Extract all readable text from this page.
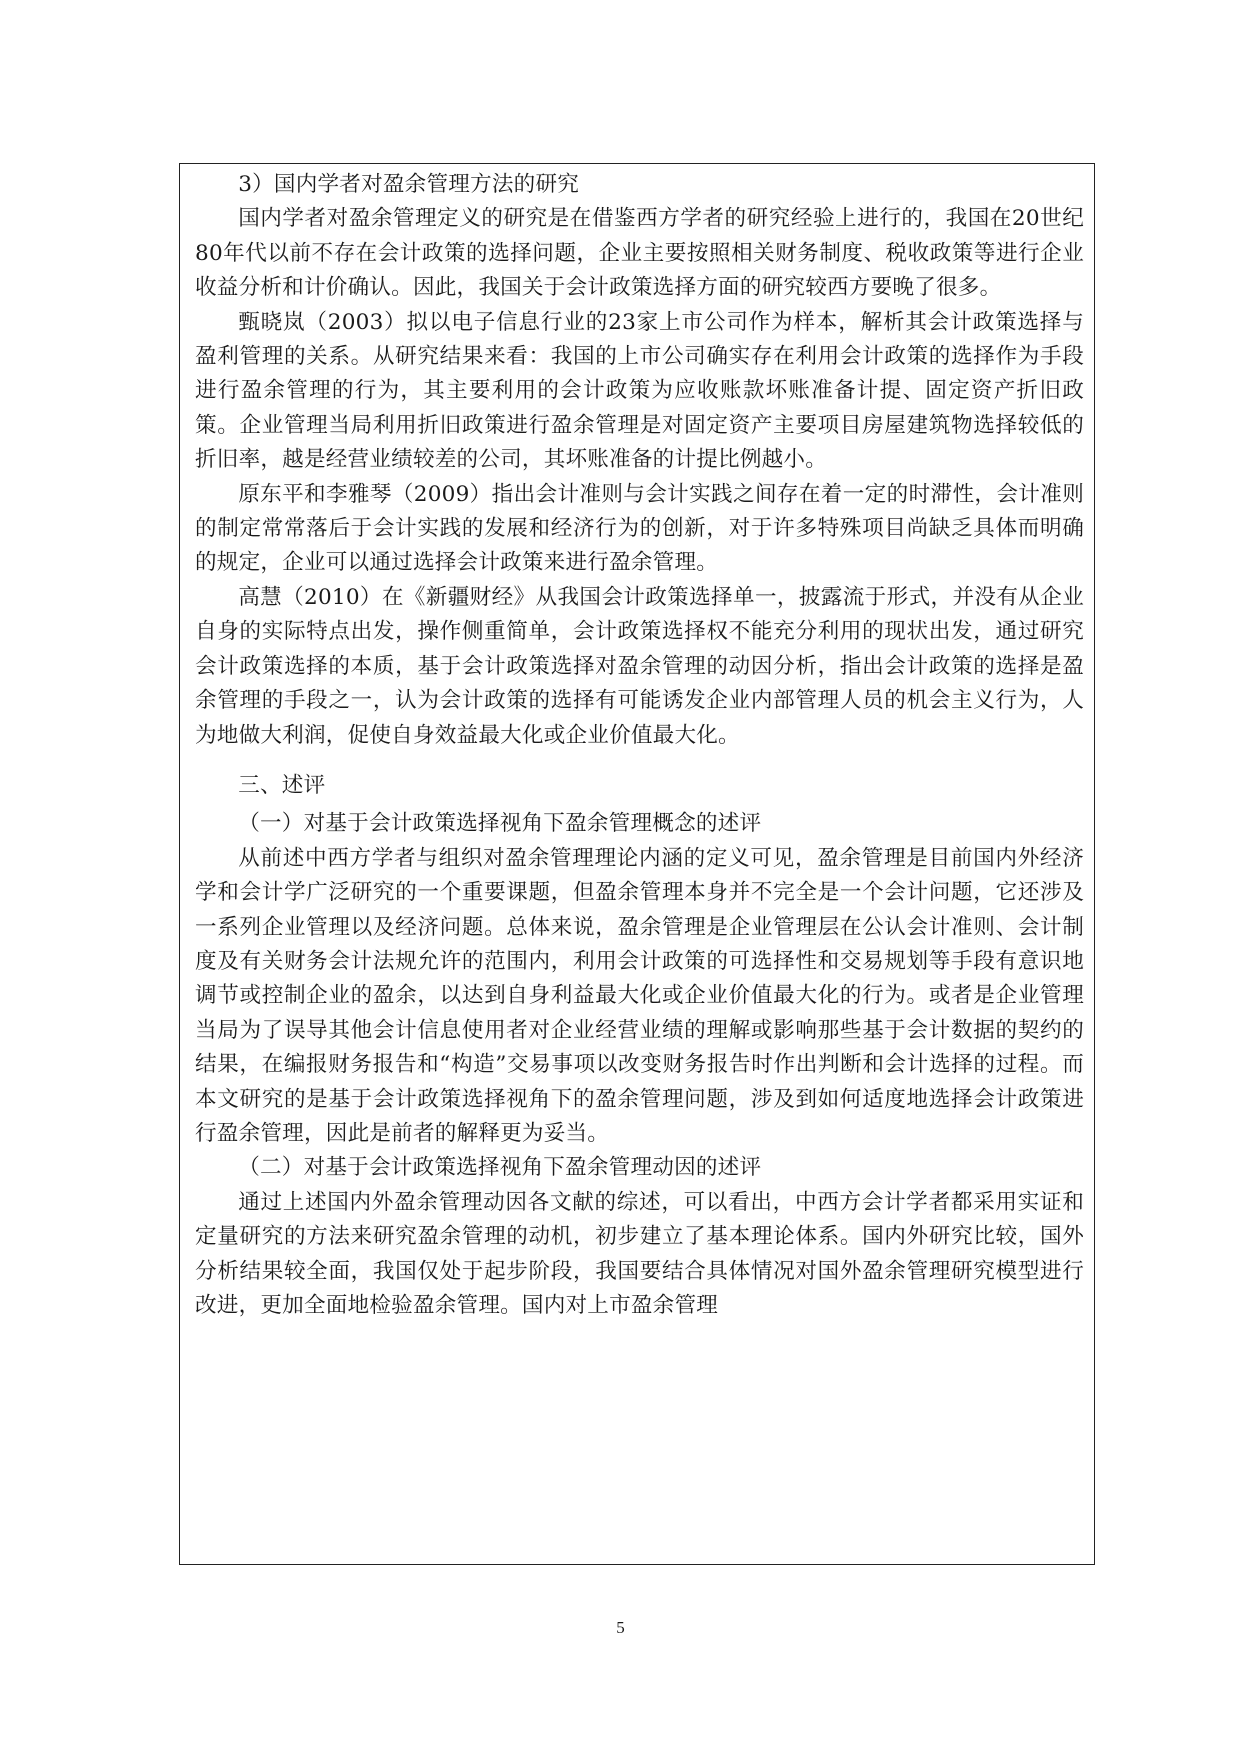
3）国内学者对盈余管理方法的研究

国内学者对盈余管理定义的研究是在借鉴西方学者的研究经验上进行的，我国在20世纪80年代以前不存在会计政策的选择问题，企业主要按照相关财务制度、税收政策等进行企业收益分析和计价确认。因此，我国关于会计政策选择方面的研究较西方要晚了很多。

甄晓岚（2003）拟以电子信息行业的23家上市公司作为样本，解析其会计政策选择与盈利管理的关系。从研究结果来看：我国的上市公司确实存在利用会计政策的选择作为手段进行盈余管理的行为，其主要利用的会计政策为应收账款坏账准备计提、固定资产折旧政策。企业管理当局利用折旧政策进行盈余管理是对固定资产主要项目房屋建筑物选择较低的折旧率，越是经营业绩较差的公司，其坏账准备的计提比例越小。

原东平和李雅琴（2009）指出会计准则与会计实践之间存在着一定的时滞性，会计准则的制定常常落后于会计实践的发展和经济行为的创新，对于许多特殊项目尚缺乏具体而明确的规定，企业可以通过选择会计政策来进行盈余管理。

高慧（2010）在《新疆财经》从我国会计政策选择单一，披露流于形式，并没有从企业自身的实际特点出发，操作侧重简单，会计政策选择权不能充分利用的现状出发，通过研究会计政策选择的本质，基于会计政策选择对盈余管理的动因分析，指出会计政策的选择是盈余管理的手段之一，认为会计政策的选择有可能诱发企业内部管理人员的机会主义行为，人为地做大利润，促使自身效益最大化或企业价值最大化。

三、述评

（一）对基于会计政策选择视角下盈余管理概念的述评

从前述中西方学者与组织对盈余管理理论内涵的定义可见，盈余管理是目前国内外经济学和会计学广泛研究的一个重要课题，但盈余管理本身并不完全是一个会计问题，它还涉及一系列企业管理以及经济问题。总体来说，盈余管理是企业管理层在公认会计准则、会计制度及有关财务会计法规允许的范围内，利用会计政策的可选择性和交易规划等手段有意识地调节或控制企业的盈余，以达到自身利益最大化或企业价值最大化的行为。或者是企业管理当局为了误导其他会计信息使用者对企业经营业绩的理解或影响那些基于会计数据的契约的结果，在编报财务报告和“构造”交易事项以改变财务报告时作出判断和会计选择的过程。而本文研究的是基于会计政策选择视角下的盈余管理问题，涉及到如何适度地选择会计政策进行盈余管理，因此是前者的解释更为妥当。

（二）对基于会计政策选择视角下盈余管理动因的述评

通过上述国内外盈余管理动因各文献的综述，可以看出，中西方会计学者都采用实证和定量研究的方法来研究盈余管理的动机，初步建立了基本理论体系。国内外研究比较，国外分析结果较全面，我国仅处于起步阶段，我国要结合具体情况对国外盈余管理研究模型进行改进，更加全面地检验盈余管理。国内对上市盈余管理

5
